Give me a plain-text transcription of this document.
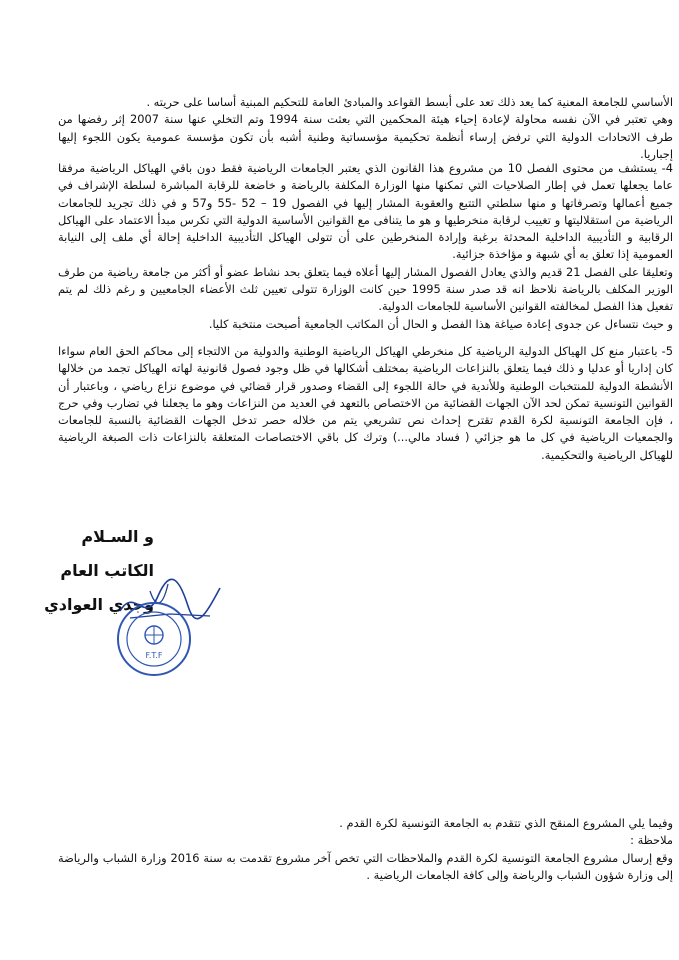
الأساسي للجامعة المعنية كما يعد ذلك تعد على أبسط القواعد والمبادئ العامة للتحكيم المبنية أساسا على حريته .

وهي تعتبر في الآن نفسه محاولة لإعادة إحياء هيئة المحكمين التي بعثت سنة 1994 وتم التخلي عنها سنة 2007 إثر رفضها من طرف الاتحادات الدولية التي ترفض إرساء أنظمة تحكيمية مؤسساتية وطنية أشبه بأن تكون مؤسسة عمومية يكون اللجوء إليها إجباريا.

4- يستشف من محتوى الفصل 10 من مشروع هذا القانون الذي يعتبر الجامعات الرياضية فقط دون باقي الهياكل الرياضية مرفقا عاما يجعلها تعمل في إطار الصلاحيات التي تمكنها منها الوزارة المكلفة بالرياضة و خاضعة للرقابة المباشرة لسلطة الإشراف في جميع أعمالها وتصرفاتها و منها سلطتي التتبع والعقوبة المشار إليها في الفصول 19 – 52 -55 و57 و في ذلك تجريد للجامعات الرياضية من استقلاليتها و تغييب لرقابة منخرطيها و هو ما يتنافى مع القوانين الأساسية الدولية التي تكرس مبدأ الاعتماد على الهياكل الرقابية و التأديبية الداخلية المحدثة برغبة وإرادة المنخرطين على أن تتولى الهياكل التأديبية الداخلية إحالة أي ملف إلى النيابة العمومية إذا تعلق به أي شبهة و مؤاخذة جزائية.

وتعليقا على الفصل 21 قديم والذي يعادل الفصول المشار إليها أعلاه فيما يتعلق بحد نشاط عضو أو أكثر من جامعة رياضية من طرف الوزير المكلف بالرياضة نلاحظ انه قد صدر سنة 1995 حين كانت الوزارة تتولى تعيين ثلث الأعضاء الجامعيين و رغم ذلك لم يتم تفعيل هذا الفصل لمخالفته القوانين الأساسية للجامعات الدولية.

و حيث نتساءل عن جدوى إعادة صياغة هذا الفصل و الحال أن المكاتب الجامعية أصبحت منتخبة كليا.

5- باعتبار منع كل الهياكل الدولية الرياضية كل منخرطي الهياكل الرياضية الوطنية والدولية من الالتجاء إلى محاكم الحق العام سواءا كان إداريا أو عدليا و ذلك فيما يتعلق بالنزاعات الرياضية بمختلف أشكالها في ظل وجود فصول قانونية لهاته الهياكل تجمد من خلالها الأنشطة الدولية للمنتخبات الوطنية وللأندية في حالة اللجوء إلى القضاء وصدور قرار قضائي في موضوع نزاع رياضي ، وباعتبار أن القوانين التونسية تمكن لحد الآن الجهات القضائية من الاختصاص بالتعهد في العديد من النزاعات وهو ما يجعلنا في تضارب وفي حرج ، فإن الجامعة التونسية لكرة القدم تقترح إحداث نص تشريعي يتم من خلاله حصر تدخل الجهات القضائية بالنسبة للجامعات والجمعيات الرياضية في كل ما هو جزائي ( فساد مالي...) وترك كل باقي الاختصاصات المتعلقة بالنزاعات ذات الصبغة الرياضية للهياكل الرياضية والتحكيمية.

و السـلام
الكاتب العام
وجدي العوادي
F.T.F

وفيما يلي المشروع المنقح الذي تتقدم به الجامعة التونسية لكرة القدم .

ملاحظة :

وقع إرسال مشروع الجامعة التونسية لكرة القدم والملاحظات التي تخص آخر مشروع تقدمت به سنة 2016 وزارة الشباب والرياضة إلى وزارة شؤون الشباب والرياضة وإلى كافة الجامعات الرياضية .
